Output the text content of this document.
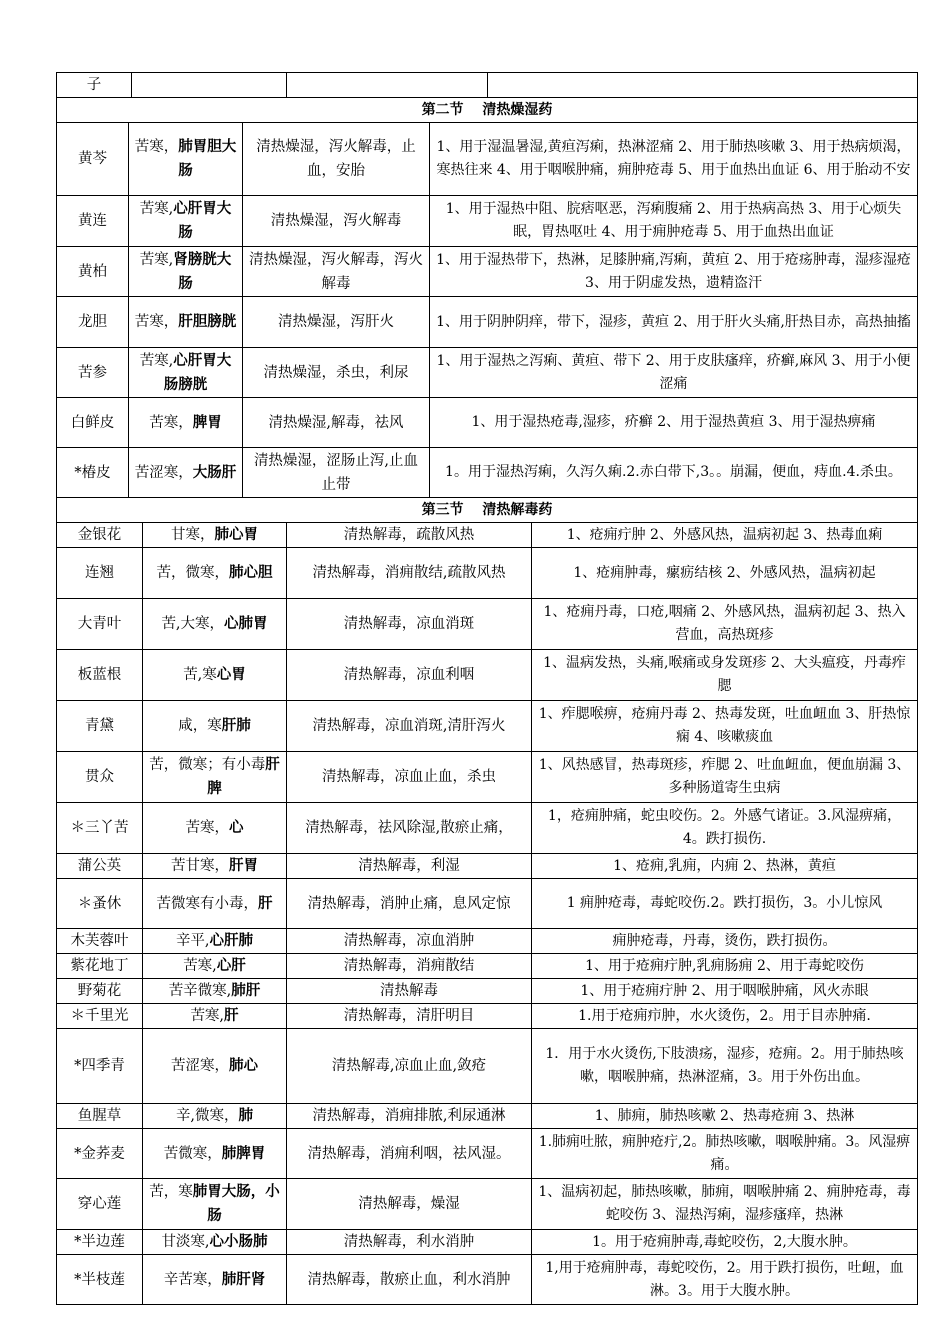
子			
第二节　 清热燥湿药			
黄芩	苦寒，肺胃胆大肠	清热燥湿，泻火解毒，止血，安胎	1、用于湿温暑湿,黄疸泻痢，热淋涩痛 2、用于肺热咳嗽 3、用于热病烦渴，寒热往来 4、用于咽喉肿痛，痈肿疮毒 5、用于血热出血证 6、用于胎动不安
黄连	苦寒,心肝胃大肠	清热燥湿，泻火解毒	1、用于湿热中阻、脘痞呕恶，泻痢腹痛 2、用于热病高热 3、用于心烦失眠，胃热呕吐 4、用于痈肿疮毒 5、用于血热出血证
黄柏	苦寒,肾膀胱大肠	清热燥湿，泻火解毒，泻火解毒	1、用于湿热带下，热淋，足膝肿痛,泻痢，黄疸 2、用于疮疡肿毒，湿疹湿疮 3、用于阴虚发热，遗精盗汗
龙胆	苦寒，肝胆膀胱	清热燥湿，泻肝火	1、用于阴肿阴痒，带下，湿疹，黄疸 2、用于肝火头痛,肝热目赤，高热抽搐
苦参	苦寒,心肝胃大肠膀胱	清热燥湿，杀虫，利尿	1、用于湿热之泻痢、黄疸、带下 2、用于皮肤瘙痒，疥癣,麻风 3、用于小便涩痛
白鲜皮	苦寒，脾胃	清热燥湿,解毒，祛风	1、用于湿热疮毒,湿疹，疥癣 2、用于湿热黄疸 3、用于湿热痹痛
*椿皮	苦涩寒，大肠肝	清热燥湿，涩肠止泻,止血止带	1。用于湿热泻痢，久泻久痢.2.赤白带下,3。。崩漏，便血，痔血.4.杀虫。
第三节　 清热解毒药			
金银花	甘寒，肺心胃	清热解毒，疏散风热	1、疮痈疔肿 2、外感风热，温病初起 3、热毒血痢
连翘	苦，微寒，肺心胆	清热解毒，消痈散结,疏散风热	1、疮痈肿毒，瘰疬结核 2、外感风热，温病初起
大青叶	苦,大寒，心肺胃	清热解毒，凉血消斑	1、疮痈丹毒，口疮,咽痛 2、外感风热，温病初起 3、热入营血，高热斑疹
板蓝根	苦,寒心胃	清热解毒，凉血利咽	1、温病发热，头痛,喉痛或身发斑疹 2、大头瘟疫，丹毒痄腮
青黛	咸，寒肝肺	清热解毒，凉血消斑,清肝泻火	1、痄腮喉痹，疮痈丹毒 2、热毒发斑，吐血衄血 3、肝热惊痫 4、咳嗽痰血
贯众	苦，微寒；有小毒肝脾	清热解毒，凉血止血，杀虫	1、风热感冒，热毒斑疹，痄腮 2、吐血衄血，便血崩漏 3、多种肠道寄生虫病
＊三丫苦	苦寒，心	清热解毒，祛风除湿,散瘀止痛，	1，疮痈肿痛，蛇虫咬伤。2。外感气诸证。3.风湿痹痛，4。跌打损伤.
蒲公英	苦甘寒，肝胃	清热解毒，利湿	1、疮痈,乳痈，内痈 2、热淋，黄疸
＊蚤休	苦微寒有小毒，肝	清热解毒，消肿止痛，息风定惊	1 痈肿疮毒，毒蛇咬伤.2。跌打损伤，3。小儿惊风
木芙蓉叶	辛平,心肝肺	清热解毒，凉血消肿	痈肿疮毒，丹毒，烫伤，跌打损伤。
紫花地丁	苦寒,心肝	清热解毒，消痈散结	1、用于疮痈疔肿,乳痈肠痈 2、用于毒蛇咬伤
野菊花	苦辛微寒,肺肝	清热解毒	1、用于疮痈疔肿 2、用于咽喉肿痛，风火赤眼
＊千里光	苦寒,肝	清热解毒，清肝明目	1.用于疮痈疖肿，水火烫伤，2。用于目赤肿痛.
*四季青	苦涩寒，肺心	清热解毒,凉血止血,敛疮	1．用于水火烫伤,下肢溃疡，湿疹，疮痈。2。用于肺热咳嗽，咽喉肿痛，热淋涩痛，3。用于外伤出血。
鱼腥草	辛,微寒，肺	清热解毒，消痈排脓,利尿通淋	1、肺痈，肺热咳嗽 2、热毒疮痈 3、热淋
*金荞麦	苦微寒，肺脾胃	清热解毒，消痈利咽，祛风湿。	1.肺痈吐脓，痈肿疮疔,2。肺热咳嗽，咽喉肿痛。3。风湿痹痛。
穿心莲	苦，寒肺胃大肠，小肠	清热解毒，燥湿	1、温病初起，肺热咳嗽，肺痈，咽喉肿痛 2、痈肿疮毒，毒蛇咬伤 3、湿热泻痢，湿疹瘙痒，热淋
*半边莲	甘淡寒,心小肠肺	清热解毒，利水消肿	1。用于疮痈肿毒,毒蛇咬伤，2,大腹水肿。
*半枝莲	辛苦寒，肺肝肾	清热解毒，散瘀止血，利水消肿	1,用于疮痈肿毒，毒蛇咬伤，2。用于跌打损伤，吐衄，血淋。3。用于大腹水肿。
